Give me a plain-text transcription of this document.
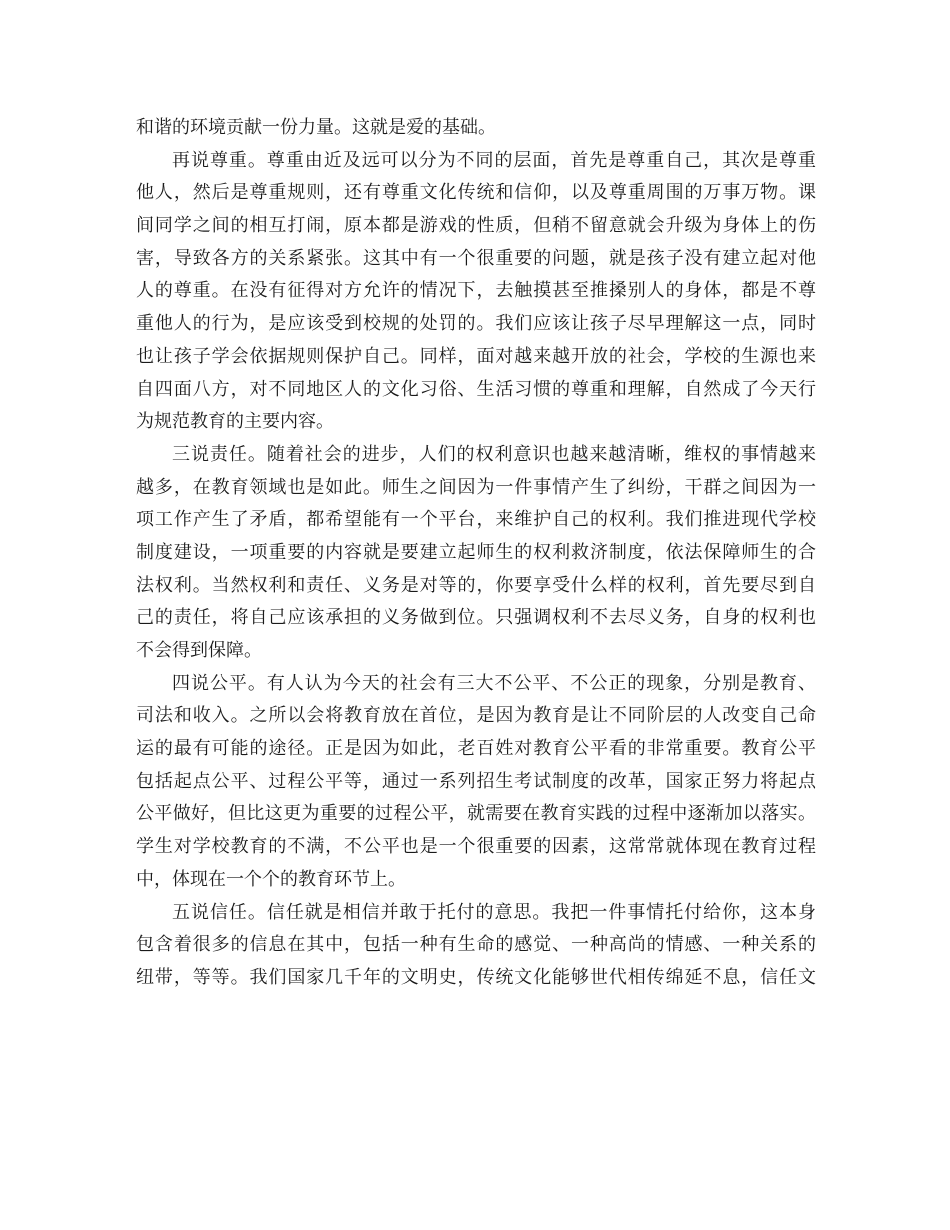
和谐的环境贡献一份力量。这就是爱的基础。
再说尊重。尊重由近及远可以分为不同的层面，首先是尊重自己，其次是尊重
他人，然后是尊重规则，还有尊重文化传统和信仰，以及尊重周围的万事万物。课
间同学之间的相互打闹，原本都是游戏的性质，但稍不留意就会升级为身体上的伤
害，导致各方的关系紧张。这其中有一个很重要的问题，就是孩子没有建立起对他
人的尊重。在没有征得对方允许的情况下，去触摸甚至推搡别人的身体，都是不尊
重他人的行为，是应该受到校规的处罚的。我们应该让孩子尽早理解这一点，同时
也让孩子学会依据规则保护自己。同样，面对越来越开放的社会，学校的生源也来
自四面八方，对不同地区人的文化习俗、生活习惯的尊重和理解，自然成了今天行
为规范教育的主要内容。
三说责任。随着社会的进步，人们的权利意识也越来越清晰，维权的事情越来
越多，在教育领域也是如此。师生之间因为一件事情产生了纠纷，干群之间因为一
项工作产生了矛盾，都希望能有一个平台，来维护自己的权利。我们推进现代学校
制度建设，一项重要的内容就是要建立起师生的权利救济制度，依法保障师生的合
法权利。当然权利和责任、义务是对等的，你要享受什么样的权利，首先要尽到自
己的责任，将自己应该承担的义务做到位。只强调权利不去尽义务，自身的权利也
不会得到保障。
四说公平。有人认为今天的社会有三大不公平、不公正的现象，分别是教育、
司法和收入。之所以会将教育放在首位，是因为教育是让不同阶层的人改变自己命
运的最有可能的途径。正是因为如此，老百姓对教育公平看的非常重要。教育公平
包括起点公平、过程公平等，通过一系列招生考试制度的改革，国家正努力将起点
公平做好，但比这更为重要的过程公平，就需要在教育实践的过程中逐渐加以落实。
学生对学校教育的不满，不公平也是一个很重要的因素，这常常就体现在教育过程
中，体现在一个个的教育环节上。
五说信任。信任就是相信并敢于托付的意思。我把一件事情托付给你，这本身
包含着很多的信息在其中，包括一种有生命的感觉、一种高尚的情感、一种关系的
纽带，等等。我们国家几千年的文明史，传统文化能够世代相传绵延不息，信任文
